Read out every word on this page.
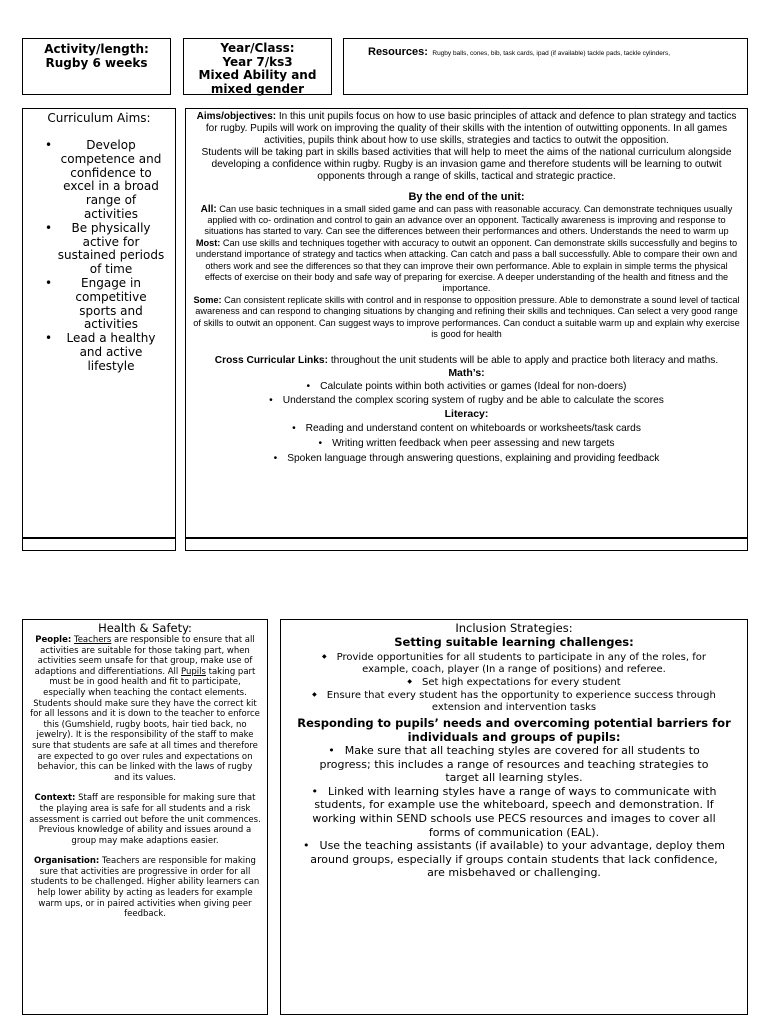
Activity/length:
Rugby 6 weeks
Year/Class:
Year 7/ks3
Mixed Ability and
mixed gender
Resources: Rugby balls, cones, bib, task cards, ipad (if available) tackle pads, tackle cylinders,
Curriculum Aims:
• Develop competence and confidence to excel in a broad range of activities
• Be physically active for sustained periods of time
• Engage in competitive sports and activities
• Lead a healthy and active lifestyle

Aims/objectives: In this unit pupils focus on how to use basic principles of attack and defence to plan strategy and tactics for rugby. Pupils will work on improving the quality of their skills with the intention of outwitting opponents. In all games activities, pupils think about how to use skills, strategies and tactics to outwit the opposition.

Students will be taking part in skills based activities that will help to meet the aims of the national curriculum alongside developing a confidence within rugby. Rugby is an invasion game and therefore students will be learning to outwit opponents through a range of skills, tactical and strategic practice.

By the end of the unit:

All: Can use basic techniques in a small sided game and can pass with reasonable accuracy. Can demonstrate techniques usually applied with co- ordination and control to gain an advance over an opponent. Tactically awareness is improving and response to situations has started to vary. Can see the differences between their performances and others. Understands the need to warm up

Most: Can use skills and techniques together with accuracy to outwit an opponent. Can demonstrate skills successfully and begins to understand importance of strategy and tactics when attacking. Can catch and pass a ball successfully. Able to compare their own and others work and see the differences so that they can improve their own performance. Able to explain in simple terms the physical effects of exercise on their body and safe way of preparing for exercise. A deeper understanding of the health and fitness and the importance.

Some: Can consistent replicate skills with control and in response to opposition pressure. Able to demonstrate a sound level of tactical awareness and can respond to changing situations by changing and refining their skills and techniques. Can select a very good range of skills to outwit an opponent. Can suggest ways to improve performances. Can conduct a suitable warm up and explain why exercise is good for health

Cross Curricular Links: throughout the unit students will be able to apply and practice both literacy and maths.

Math’s:

• Calculate points within both activities or games (Ideal for non-doers)
• Understand the complex scoring system of rugby and be able to calculate the scores

Literacy:

• Reading and understand content on whiteboards or worksheets/task cards
• Writing written feedback when peer assessing and new targets
• Spoken language through answering questions, explaining and providing feedback
Health & Safety:

People: Teachers are responsible to ensure that all activities are suitable for those taking part, when activities seem unsafe for that group, make use of adaptions and differentiations. All Pupils taking part must be in good health and fit to participate, especially when teaching the contact elements. Students should make sure they have the correct kit for all lessons and it is down to the teacher to enforce this (Gumshield, rugby boots, hair tied back, no jewelry). It is the responsibility of the staff to make sure that students are safe at all times and therefore are expected to go over rules and expectations on behavior, this can be linked with the laws of rugby and its values.

Context: Staff are responsible for making sure that the playing area is safe for all students and a risk assessment is carried out before the unit commences. Previous knowledge of ability and issues around a group may make adaptions easier.

Organisation: Teachers are responsible for making sure that activities are progressive in order for all students to be challenged. Higher ability learners can help lower ability by acting as leaders for example warm ups, or in paired activities when giving peer feedback.

Inclusion Strategies:
Setting suitable learning challenges:
◆ Provide opportunities for all students to participate in any of the roles, for example, coach, player (In a range of positions) and referee.
◆ Set high expectations for every student
◆ Ensure that every student has the opportunity to experience success through extension and intervention tasks
Responding to pupils’ needs and overcoming potential barriers for individuals and groups of pupils:
• Make sure that all teaching styles are covered for all students to progress; this includes a range of resources and teaching strategies to target all learning styles.
• Linked with learning styles have a range of ways to communicate with students, for example use the whiteboard, speech and demonstration. If working within SEND schools use PECS resources and images to cover all forms of communication (EAL).
• Use the teaching assistants (if available) to your advantage, deploy them around groups, especially if groups contain students that lack confidence, are misbehaved or challenging.
